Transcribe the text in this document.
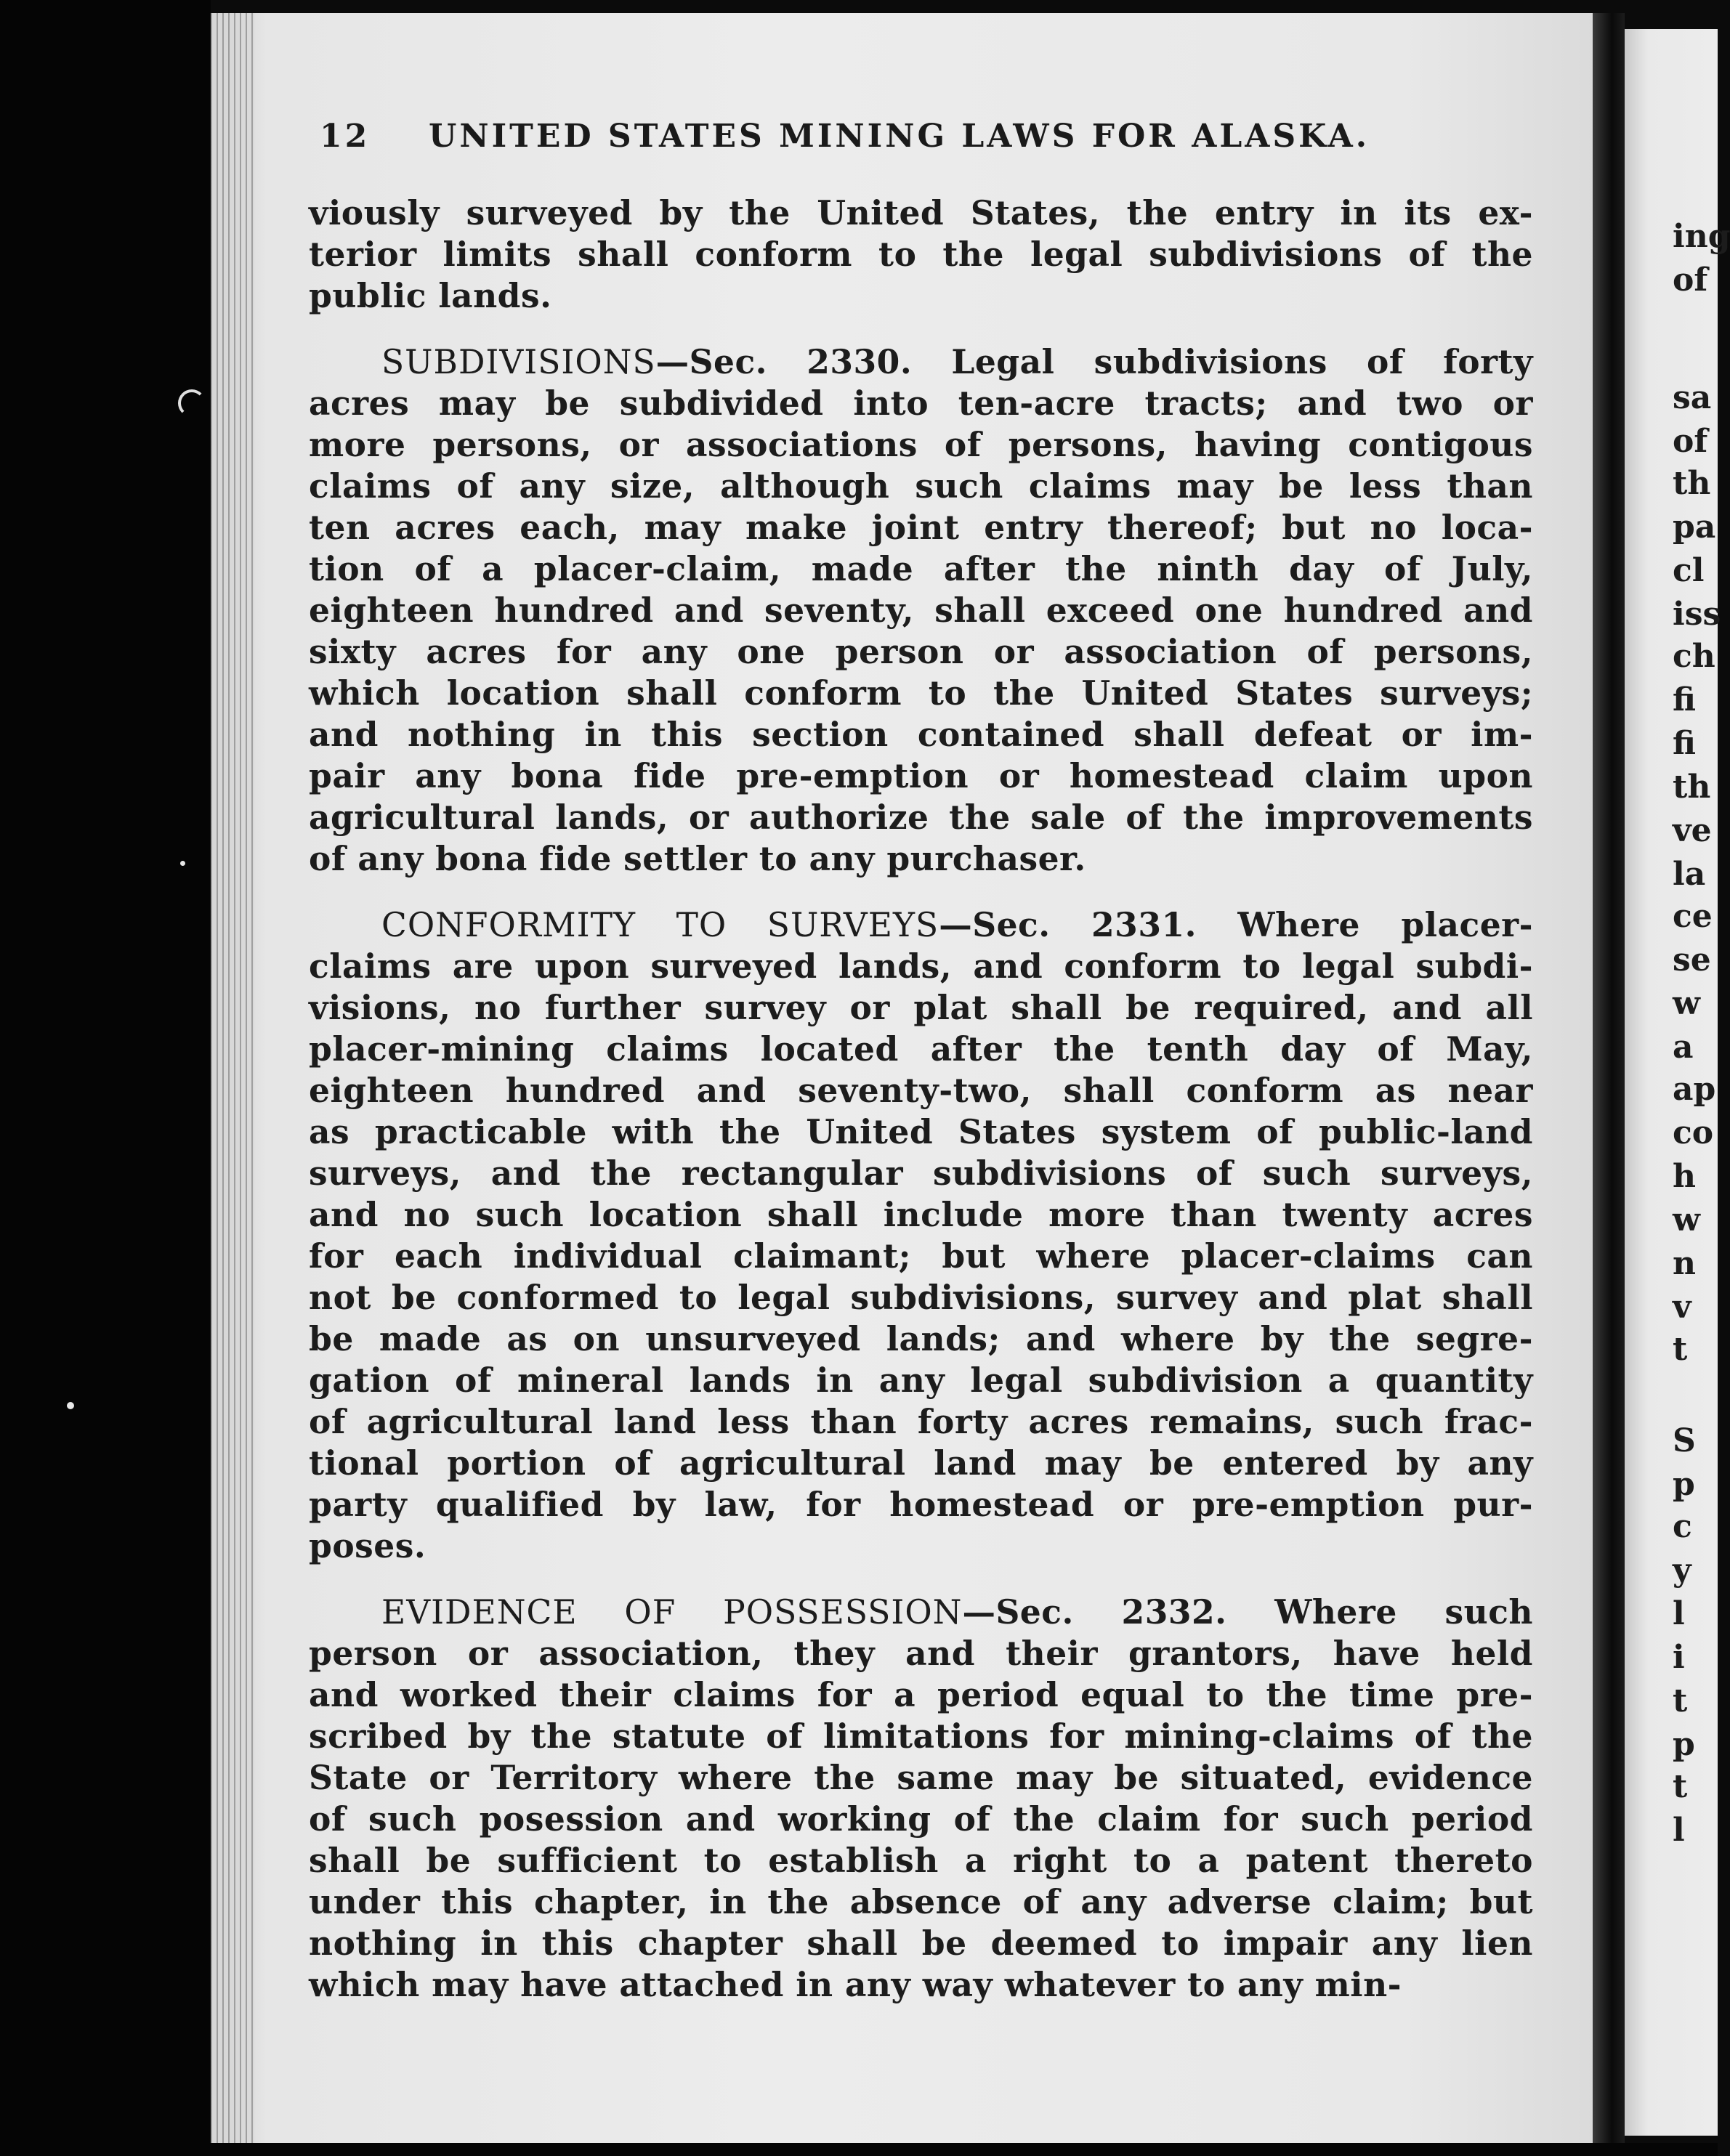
ing
of
sa
of
th
pa
cl
iss
ch
fi
fi
th
ve
la
ce
se
w
a
ap
co
h
w
n
v
t
S
p
c
y
l
i
t
p
t
l
12 UNITED STATES MINING LAWS FOR ALASKA.
viously surveyed by the United States, the entry in its ex-
terior limits shall conform to the legal subdivisions of the
public lands.
SUBDIVISIONS—Sec. 2330. Legal subdivisions of forty
acres may be subdivided into ten-acre tracts; and two or
more persons, or associations of persons, having contigous
claims of any size, although such claims may be less than
ten acres each, may make joint entry thereof; but no loca-
tion of a placer-claim, made after the ninth day of July,
eighteen hundred and seventy, shall exceed one hundred and
sixty acres for any one person or association of persons,
which location shall conform to the United States surveys;
and nothing in this section contained shall defeat or im-
pair any bona fide pre-emption or homestead claim upon
agricultural lands, or authorize the sale of the improvements
of any bona fide settler to any purchaser.
CONFORMITY TO SURVEYS—Sec. 2331. Where placer-
claims are upon surveyed lands, and conform to legal subdi-
visions, no further survey or plat shall be required, and all
placer-mining claims located after the tenth day of May,
eighteen hundred and seventy-two, shall conform as near
as practicable with the United States system of public-land
surveys, and the rectangular subdivisions of such surveys,
and no such location shall include more than twenty acres
for each individual claimant; but where placer-claims can
not be conformed to legal subdivisions, survey and plat shall
be made as on unsurveyed lands; and where by the segre-
gation of mineral lands in any legal subdivision a quantity
of agricultural land less than forty acres remains, such frac-
tional portion of agricultural land may be entered by any
party qualified by law, for homestead or pre-emption pur-
poses.
EVIDENCE OF POSSESSION—Sec. 2332. Where such
person or association, they and their grantors, have held
and worked their claims for a period equal to the time pre-
scribed by the statute of limitations for mining-claims of the
State or Territory where the same may be situated, evidence
of such posession and working of the claim for such period
shall be sufficient to establish a right to a patent thereto
under this chapter, in the absence of any adverse claim; but
nothing in this chapter shall be deemed to impair any lien
which may have attached in any way whatever to any min-
